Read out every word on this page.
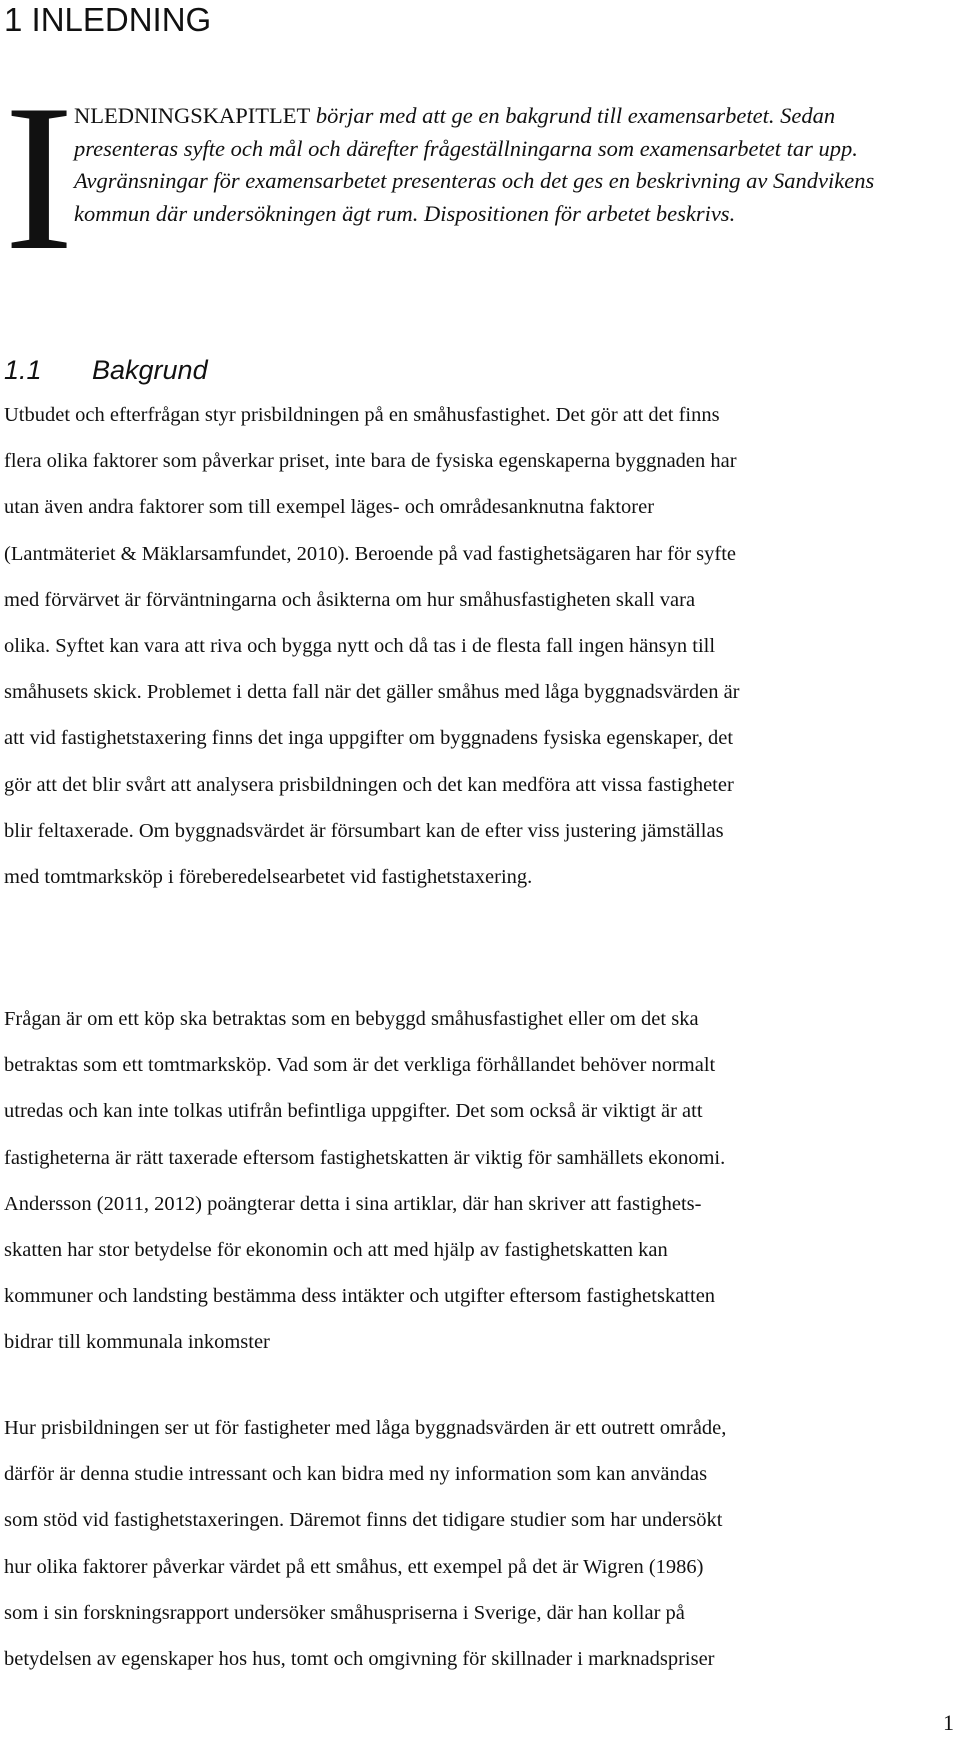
1 INLEDNING
I NLEDNINGSKAPITLET börjar med att ge en bakgrund till examensarbetet. Sedan presenteras syfte och mål och därefter frågeställningarna som examensarbetet tar upp. Avgränsningar för examensarbetet presenteras och det ges en beskrivning av Sandvikens kommun där undersökningen ägt rum. Dispositionen för arbetet beskrivs.

1.1 Bakgrund

Utbudet och efterfrågan styr prisbildningen på en småhusfastighet. Det gör att det finns
flera olika faktorer som påverkar priset, inte bara de fysiska egenskaperna byggnaden har
utan även andra faktorer som till exempel läges- och områdesanknutna faktorer
(Lantmäteriet & Mäklarsamfundet, 2010). Beroende på vad fastighetsägaren har för syfte
med förvärvet är förväntningarna och åsikterna om hur småhusfastigheten skall vara
olika. Syftet kan vara att riva och bygga nytt och då tas i de flesta fall ingen hänsyn till
småhusets skick. Problemet i detta fall när det gäller småhus med låga byggnadsvärden är
att vid fastighetstaxering finns det inga uppgifter om byggnadens fysiska egenskaper, det
gör att det blir svårt att analysera prisbildningen och det kan medföra att vissa fastigheter
blir feltaxerade. Om byggnadsvärdet är försumbart kan de efter viss justering jämställas
med tomtmarksköp i föreberedelsearbetet vid fastighetstaxering.

Frågan är om ett köp ska betraktas som en bebyggd småhusfastighet eller om det ska
betraktas som ett tomtmarksköp. Vad som är det verkliga förhållandet behöver normalt
utredas och kan inte tolkas utifrån befintliga uppgifter. Det som också är viktigt är att
fastigheterna är rätt taxerade eftersom fastighetskatten är viktig för samhällets ekonomi.
Andersson (2011, 2012) poängterar detta i sina artiklar, där han skriver att fastighets-
skatten har stor betydelse för ekonomin och att med hjälp av fastighetskatten kan
kommuner och landsting bestämma dess intäkter och utgifter eftersom fastighetskatten
bidrar till kommunala inkomster

Hur prisbildningen ser ut för fastigheter med låga byggnadsvärden är ett outrett område,
därför är denna studie intressant och kan bidra med ny information som kan användas
som stöd vid fastighetstaxeringen. Däremot finns det tidigare studier som har undersökt
hur olika faktorer påverkar värdet på ett småhus, ett exempel på det är Wigren (1986)
som i sin forskningsrapport undersöker småhuspriserna i Sverige, där han kollar på
betydelsen av egenskaper hos hus, tomt och omgivning för skillnader i marknadspriser

1
